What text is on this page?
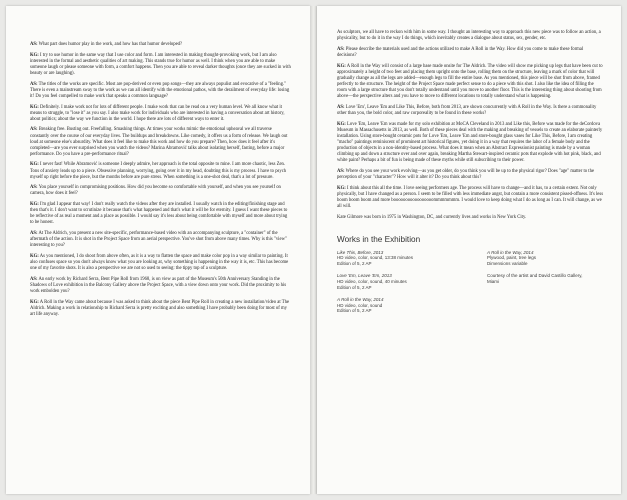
AS: What part does humor play in the work, and how has that humor developed?

KG: I try to use humor in the same way that I use color and form. I am interested in making thought-provoking work, but I am also interested in the formal and aesthetic qualities of art making. This stands true for humor as well. I think when you are able to make someone laugh or please someone with form, a comfort happens. Then you are able to reveal darker thoughts (once they are sucked in with beauty or are laughing).

AS: The titles of the works are specific. Most are pop-derived or even pop songs—they are always populist and evocative of a "feeling." There is even a mainstream sway to the work as we can all identify with the emotional pathos, with the derailment of everyday life: losing it! Do you feel compelled to make work that speaks a common language?

KG: Definitely. I make work not for lots of different people. I make work that can be read on a very human level. We all know what it means to struggle, to "lose it" as you say. I also make work for individuals who are interested in having a conversation about art history, about politics; about the way we function in the world. I hope there are lots of different ways to enter it.

AS: Breaking free. Busting out. Freefalling. Smashing things. At times your works mimic the emotional upheaval we all traverse constantly over the course of our everyday lives. The buildups and breakdowns. Like comedy, it offers us a form of release. We laugh out loud at someone else's absurdity. What does it feel like to make this work and how do you prepare? Then, how does it feel after it's completed—are you ever surprised when you watch the videos? Marina Abramović talks about isolating herself, fasting, before a major performance. Do you have a pre-performance ritual?

KG: I never fast! While Abramović is someone I deeply admire, her approach is the total opposite to mine. I am more chaotic, less Zen. Tons of anxiety leads up to a piece. Obsessive planning, worrying, going over it in my head, doubting this is my process. I have to psych myself up right before the piece, but the months before are pure stress. When something is a one-shot deal, that's a lot of pressure.

AS: You place yourself in compromising positions. How did you become so comfortable with yourself, and when you see yourself on camera, how does it feel?

KG: I'm glad I appear that way! I don't really watch the videos after they are installed. I usually watch in the editing/finishing stage and then that's it. I don't want to scrutinize it because that's what happened and that's what it will be for eternity. I guess I want these pieces to be reflective of as real a moment and a place as possible. I would say it's less about being comfortable with myself and more about trying to be honest.

AS: At The Aldrich, you present a new site-specific, performance-based video with an accompanying sculpture, a "container" of the aftermath of the action. It is shot in the Project Space from an aerial perspective. You've shot from above many times. Why is this "view" interesting to you?

KG: As you mentioned, I do shoot from above often, as it is a way to flatten the space and make color pop in a way similar to painting. It also confuses space so you don't always know what you are looking at, why something is happening in the way it is, etc. This has become one of my favorite shots. It is also a perspective we are not so used to seeing: the tippy top of a sculpture.

AS: An early work by Richard Serra, Bent Pipe Roll from 1968, is on view as part of the Museum's 50th Anniversary Standing in the Shadows of Love exhibition in the Balcony Gallery above the Project Space, with a view down onto your work. Did the proximity to his work embolden you?

KG: A Roll in the Way came about because I was asked to think about the piece Bent Pipe Roll in creating a new installation/video at The Aldrich. Making a work in relationship to Richard Serra is pretty exciting and also something I have probably been doing for most of my art life anyway.

As sculptors, we all have to reckon with him in some way. I thought an interesting way to approach this new piece was to follow an action, a physicality, but to do it in the way I do things, which inevitably creates a dialogue about status, sex, gender, etc.

AS: Please describe the materials used and the actions utilized to make A Roll in the Way. How did you come to make these formal decisions?

KG: A Roll in the Way will consist of a large base made onsite for The Aldrich. The video will show me picking up legs that have been cut to approximately a height of two feet and placing them upright onto the base, rolling them on the structure, leaving a mark of color that will gradually change as all the legs are added—enough legs to fill the entire base. As you mentioned, this piece will be shot from above, framed perfectly to the structure. The height of the Project Space made perfect sense to do a piece with this shot. I also like the idea of filling the room with a large structure that you don't totally understand until you move to another floor. This is the interesting thing about shooting from above—the perspective alters and you have to move to different locations to totally understand what is happening.

AS: Love 'Em', Leave 'Em and Like This, Before, both from 2013, are shown concurrently with A Roll in the Way. Is there a commonality other than you, the bold color, and raw corporeality to be found in these works?

KG: Love 'Em, Leave 'Em was made for my solo exhibition at MoCA Cleveland in 2013 and Like this, Before was made for the deCordova Museum in Massachusetts in 2013, as well. Both of these pieces deal with the making and breaking of vessels to create an elaborate painterly installation. Using store-bought ceramic pots for Love 'Em, Leave 'Em and store-bought glass vases for Like This, Before, I am creating "macho" paintings reminiscent of prominent art historical figures, yet doing it in a way that requires the labor of a female body and the production of objects in a non-identity-based process. What does it mean when an Abstract Expressionist painting is made by a woman climbing up and down a structure over and over again, breaking Martha Stewart-inspired ceramic pots that explode with hot pink, black, and white paint? Perhaps a bit of fun is being made of these myths while still subscribing to their power.

AS: Where do you see your work evolving—as you get older, do you think you will be up to the physical rigor? Does "age" matter to the perception of your "character"? How will it alter it? Do you think about this?

KG: I think about this all the time. I love seeing performers age. The process will have to change—and it has, to a certain extent. Not only physically, but I have changed as a person. I seem to be filled with less immediate angst, but contain a more consistent pissed-offness. It's less boom boom boom and more booooooooooooooooommmmmmm. I would love to keep doing what I do as long as I can. It will change, as we all will.

Kate Gilmore was born in 1975 in Washington, DC, and currently lives and works in New York City.

Works in the Exhibition
Like This, Before, 2013
HD video, color, sound, 13:38 minutes
Edition of 5, 2 AP
A Roll in the Way, 2014
Plywood, paint, tree legs
Dimensions variable
Love 'Em, Leave 'Em, 2013
HD video, color, sound, 40 minutes
Edition of 5, 2 AP
Courtesy of the artist and David Castillo Gallery,
Miami
A Roll in the Way, 2014
HD video, color, sound
Edition of 5, 2 AP
